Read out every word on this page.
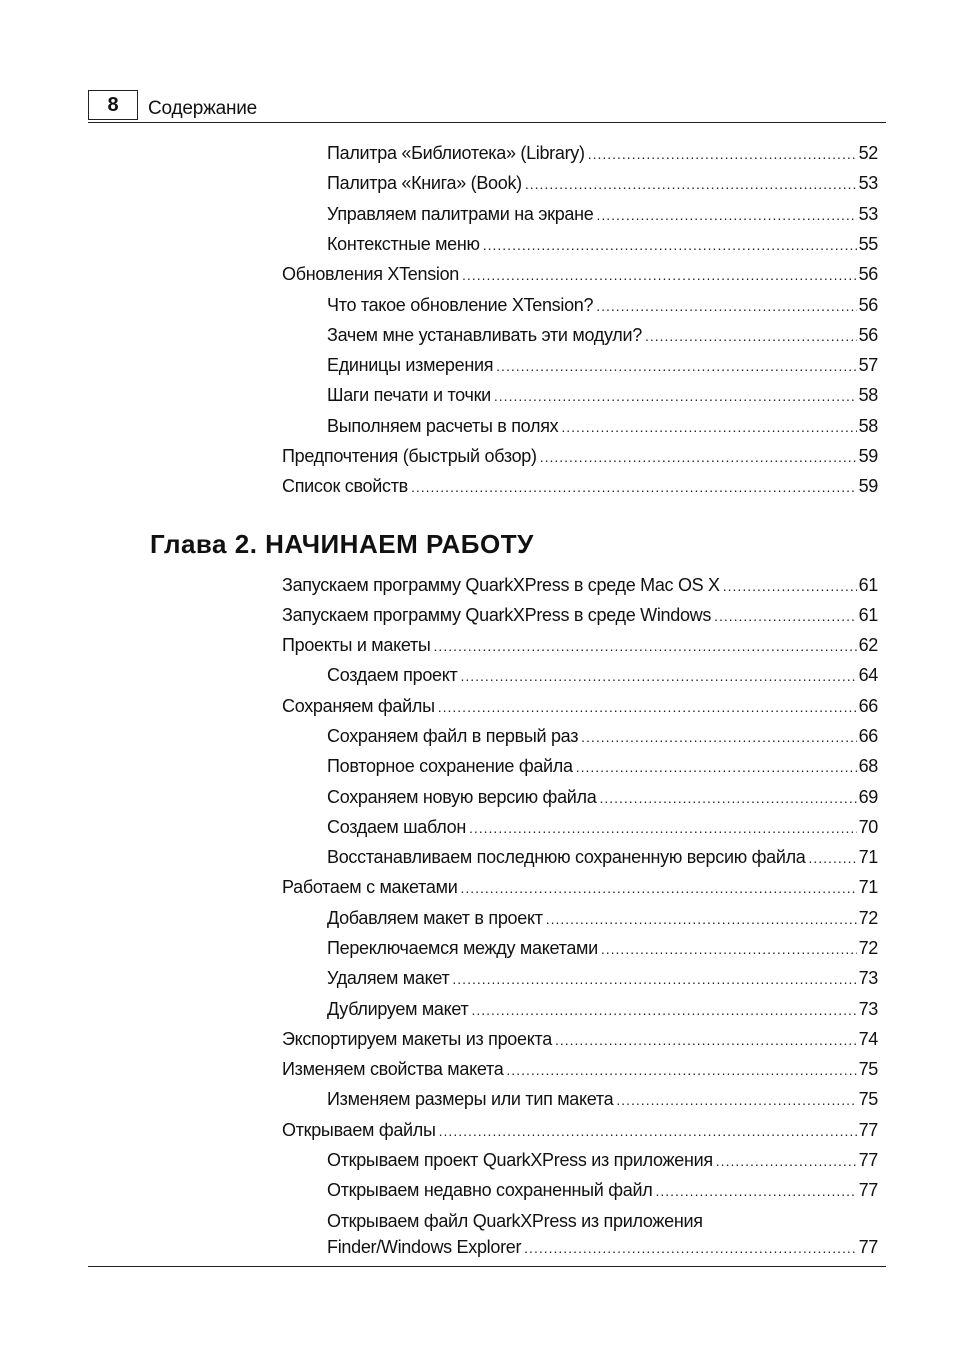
8	Содержание
Палитра «Библиотека» (Library) .....	52
Палитра «Книга» (Book) .....	53
Управляем палитрами на экране .....	53
Контекстные меню .....	55
Обновления XTension .....	56
Что такое обновление XTension? .....	56
Зачем мне устанавливать эти модули? .....	56
Единицы измерения .....	57
Шаги печати и точки .....	58
Выполняем расчеты в полях .....	58
Предпочтения (быстрый обзор) .....	59
Список свойств .....	59
Глава 2. НАЧИНАЕМ РАБОТУ
Запускаем программу QuarkXPress в среде Mac OS X .....	61
Запускаем программу QuarkXPress в среде Windows .....	61
Проекты и макеты .....	62
Создаем проект .....	64
Сохраняем файлы .....	66
Сохраняем файл в первый раз .....	66
Повторное сохранение файла .....	68
Сохраняем новую версию файла .....	69
Создаем шаблон .....	70
Восстанавливаем последнюю сохраненную версию файла .....	71
Работаем с макетами .....	71
Добавляем макет в проект .....	72
Переключаемся между макетами .....	72
Удаляем макет .....	73
Дублируем макет .....	73
Экспортируем макеты из проекта .....	74
Изменяем свойства макета .....	75
Изменяем размеры или тип макета .....	75
Открываем файлы .....	77
Открываем проект QuarkXPress из приложения .....	77
Открываем недавно сохраненный файл .....	77
Открываем файл QuarkXPress из приложения
Finder/Windows Explorer .....	77
